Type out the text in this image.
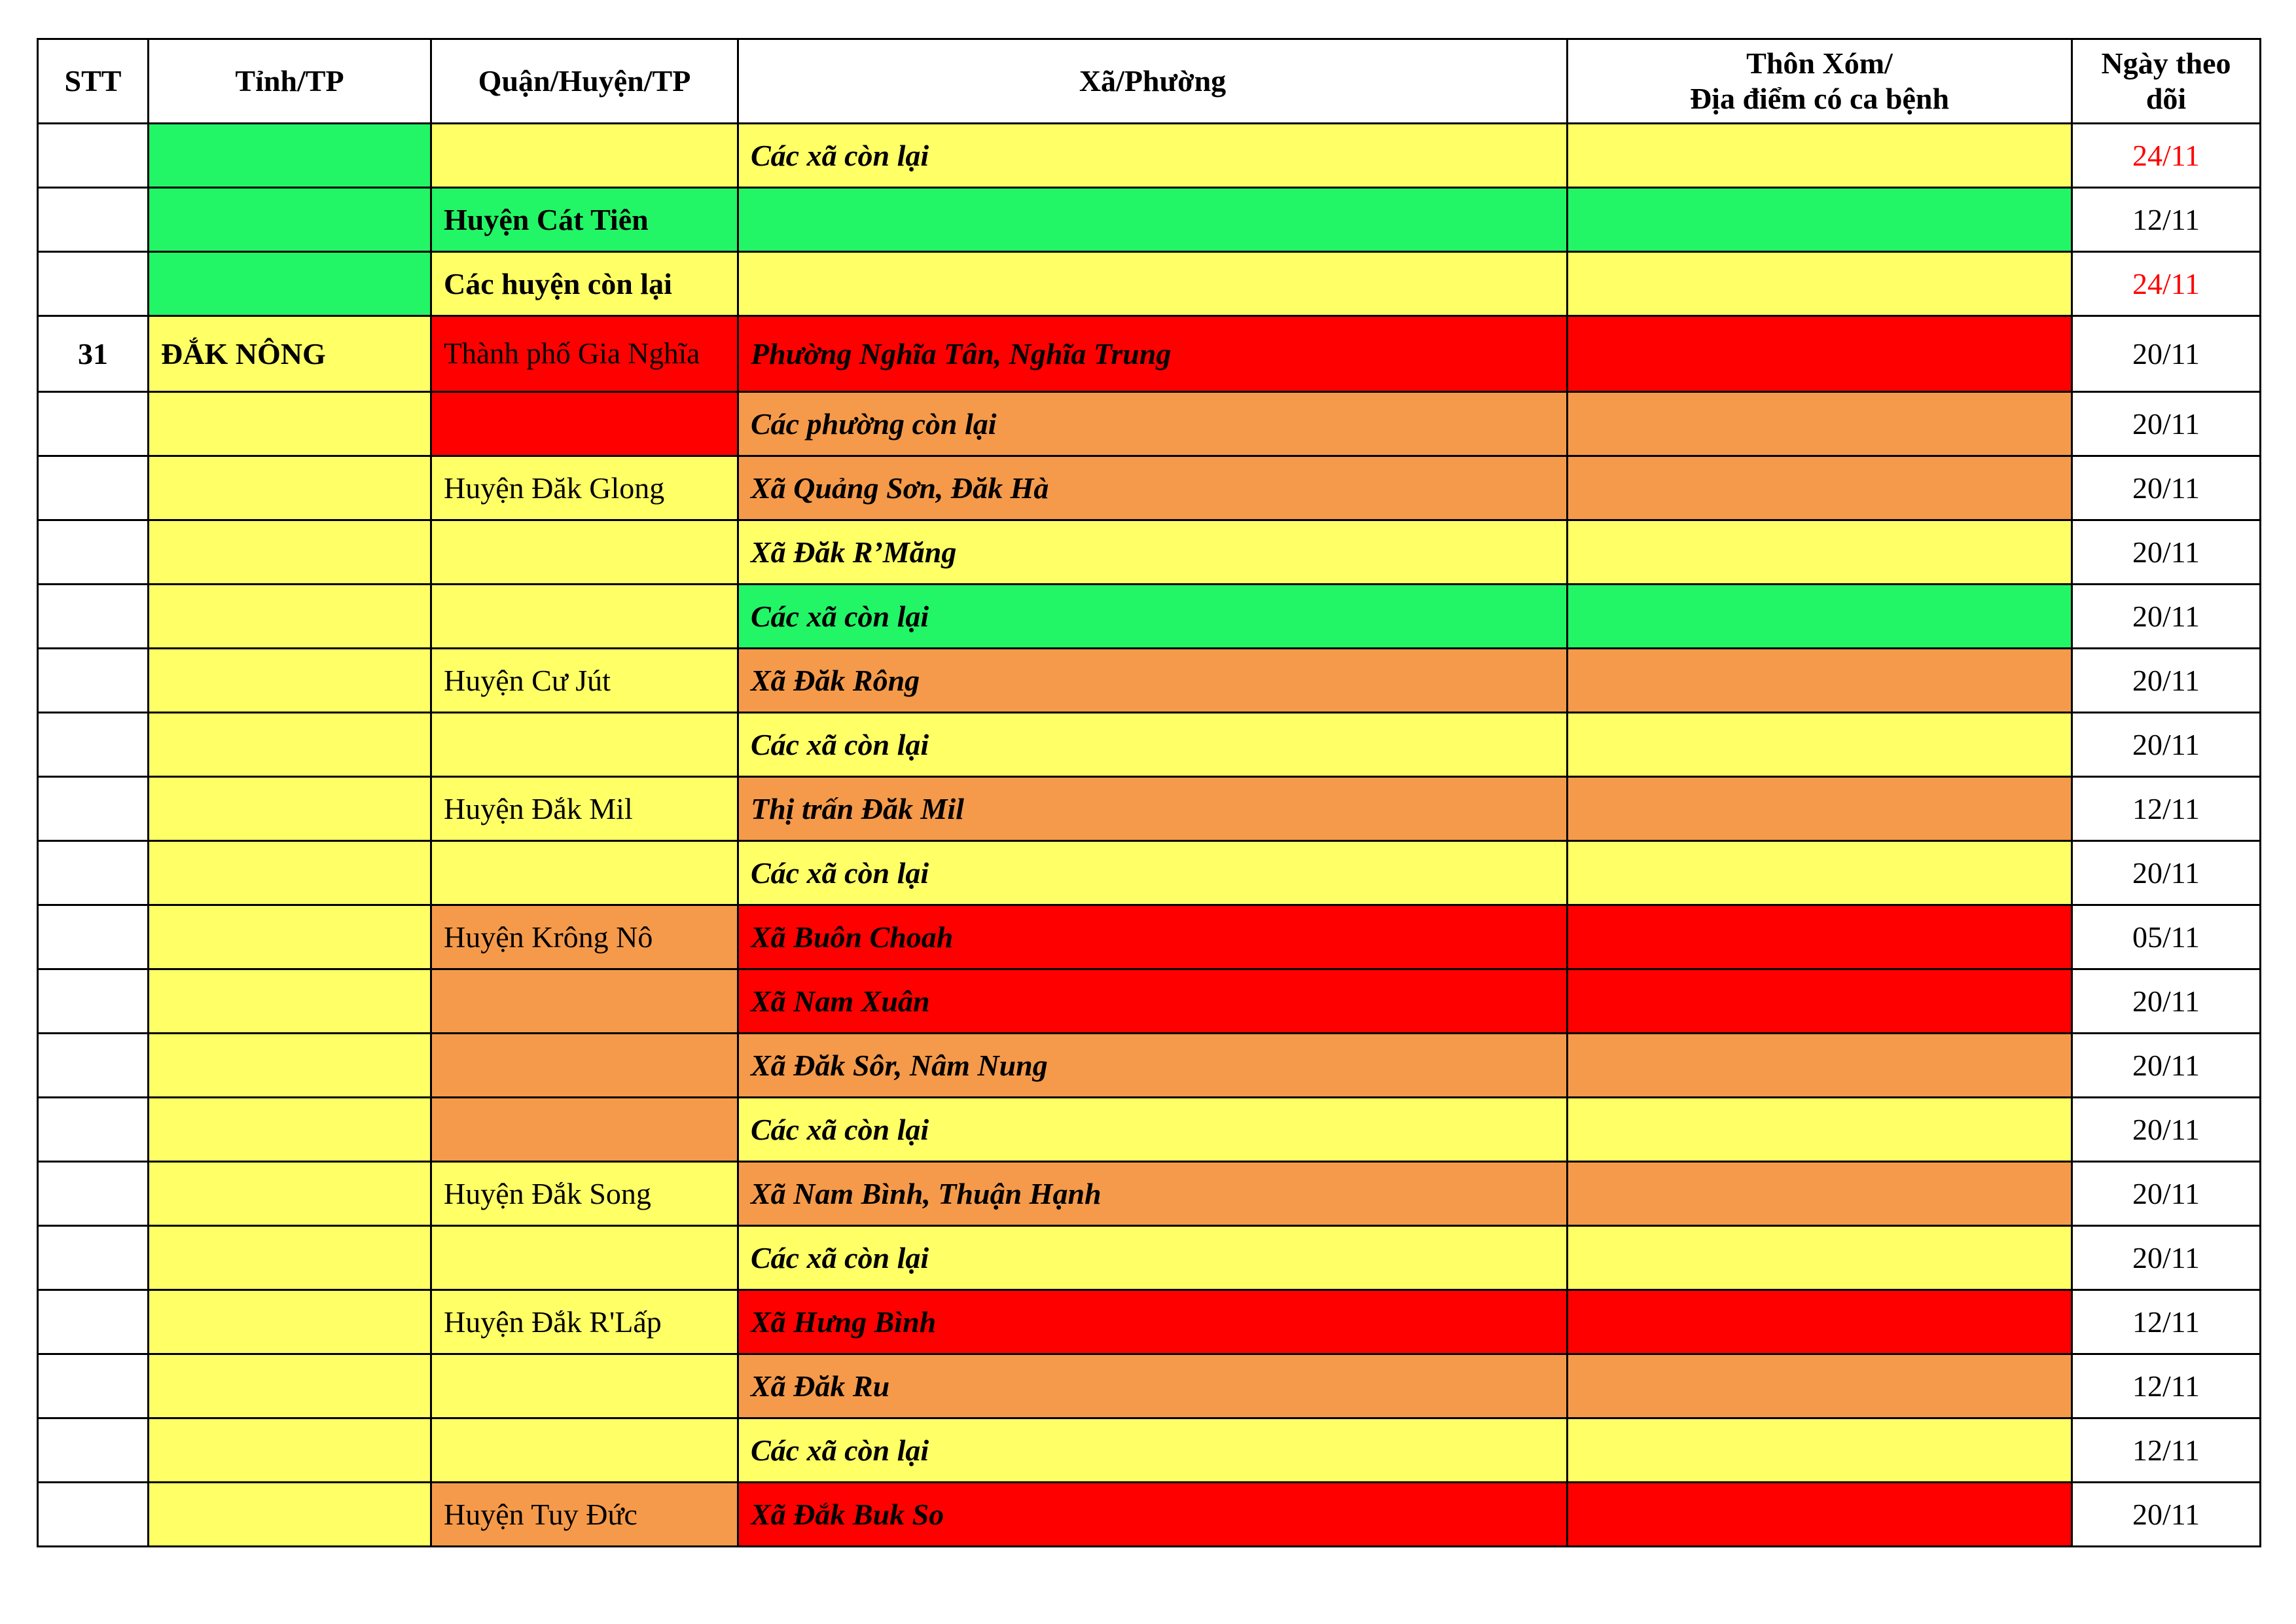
STT	Tỉnh/TP	Quận/Huyện/TP	Xã/Phường	Thôn Xóm/
Địa điểm có ca bệnh	Ngày theo
dõi
			Các xã còn lại		24/11
		Huyện Cát Tiên			12/11
		Các huyện còn lại			24/11
31	ĐẮK NÔNG	Thành phố Gia Nghĩa	Phường Nghĩa Tân, Nghĩa Trung		20/11
			Các phường còn lại		20/11
		Huyện Đăk Glong	Xã Quảng Sơn, Đăk Hà		20/11
			Xã Đăk R’Măng		20/11
			Các xã còn lại		20/11
		Huyện Cư Jút	Xã Đăk Rông		20/11
			Các xã còn lại		20/11
		Huyện Đắk Mil	Thị trấn Đăk Mil		12/11
			Các xã còn lại		20/11
		Huyện Krông Nô	Xã Buôn Choah		05/11
			Xã Nam Xuân		20/11
			Xã Đăk Sôr, Nâm Nung		20/11
			Các xã còn lại		20/11
		Huyện Đắk Song	Xã Nam Bình, Thuận Hạnh		20/11
			Các xã còn lại		20/11
		Huyện Đắk R'Lấp	Xã Hưng Bình		12/11
			Xã Đăk Ru		12/11
			Các xã còn lại		12/11
		Huyện Tuy Đức	Xã Đắk Buk So		20/11
